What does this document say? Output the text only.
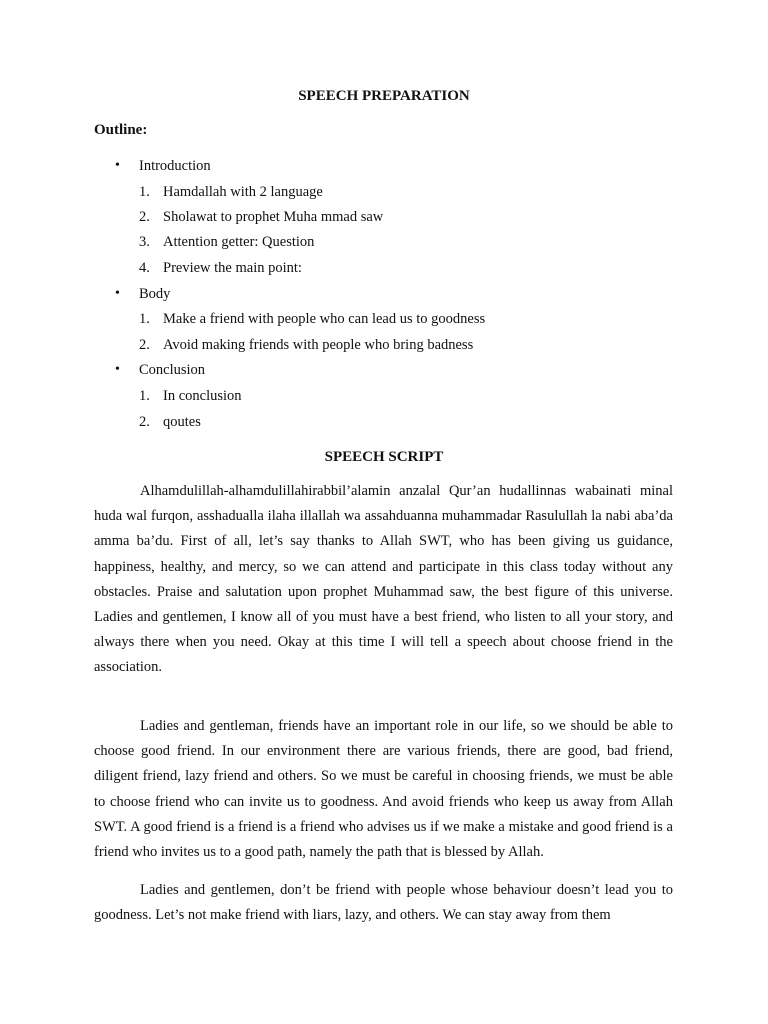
SPEECH PREPARATION
Outline:
• Introduction
1. Hamdallah with 2 language
2. Sholawat to prophet Muha mmad saw
3. Attention getter: Question
4. Preview the main point:
• Body
1. Make a friend with people who can lead us to goodness
2. Avoid making friends with people who bring badness
• Conclusion
1. In conclusion
2. qoutes
SPEECH SCRIPT

Alhamdulillah-alhamdulillahirabbil’alamin anzalal Qur’an hudallinnas wabainati minal huda wal furqon, asshadualla ilaha illallah wa assahduanna muhammadar Rasulullah la nabi aba’da amma ba’du. First of all, let’s say thanks to Allah SWT, who has been giving us guidance, happiness, healthy, and mercy, so we can attend and participate in this class today without any obstacles. Praise and salutation upon prophet Muhammad saw, the best figure of this universe. Ladies and gentlemen, I know all of you must have a best friend, who listen to all your story, and always there when you need. Okay at this time I will tell a speech about choose friend in the association.

Ladies and gentleman, friends have an important role in our life, so we should be able to choose good friend. In our environment there are various friends, there are good, bad friend, diligent friend, lazy friend and others. So we must be careful in choosing friends, we must be able to choose friend who can invite us to goodness. And avoid friends who keep us away from Allah SWT. A good friend is a friend is a friend who advises us if we make a mistake and good friend is a friend who invites us to a good path, namely the path that is blessed by Allah.

Ladies and gentlemen, don’t be friend with people whose behaviour doesn’t lead you to goodness. Let’s not make friend with liars, lazy, and others. We can stay away from them
